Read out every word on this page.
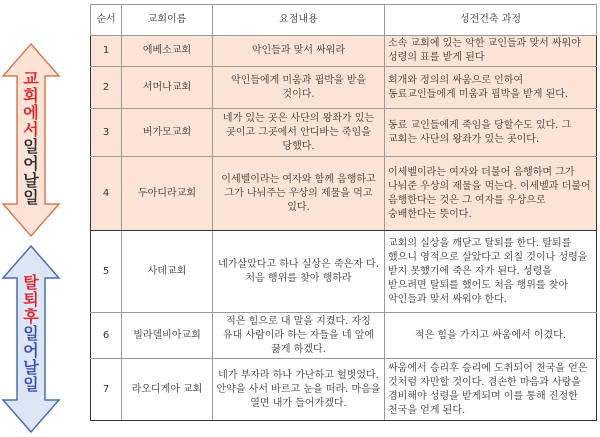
교
회
에
서
일
어
날
일
탈
퇴
후
일
어
날
일
순서	교회이름	요점내용	성전건축 과정
1	에베소교회	악인들과 맞서 싸워라	소속 교회에 있는 악한 교인들과 맞서 싸워야 성령의 표를 받게 된다
2	서머나교회	악인들에게 미움과 핍박을 받을 것이다.	회개와 정의의 싸움으로 인하여 동료교인들에게 미움과 핍박을 받게 된다.
3	버가모교회	네가 있는 곳은 사단의 왕좌가 있는 곳이고 그곳에서 안디바는 죽임을 당했다.	동료 교인들에게 죽임을 당할수도 있다. 그 교회는 사단의 왕좌가 있는 곳이다.
4	두아디라교회	이세벨이라는 여자와 함께 음행하고 그가 나눠주는 우상의 제물을 먹고 있다.	이세벨이라는 여자와 더불어 음행하며 그가 나눠준 우상의 제물을 먹는다. 이세벨과 더불어 음행한다는 것은 그 여자를 우상으로 숭배한다는 뜻이다.
5	사데교회	네가살았다고 하나 실상은 죽은자 다. 처음 행위를 찾아 행하라	교회의 실상을 깨닫고 탈퇴를 한다. 탈퇴를 했으니 영적으로 살았다고 외칠 것이나 성령을 받지 못했기에 죽은 자가 된다. 성령을 받으려면 탈퇴를 했어도 처음 행위를 찾아 악인들과 맞서 싸워야 한다.
6	빌라델비아교회	적은 힘으로 내 말을 지켰다. 자칭 유대 사람이라 하는 자들을 네 앞에 꿇게 하겠다.	적은 힘을 가지고 싸움에서 이겼다.
7	라오디게아 교회	네가 부자라 하나 가난하고 헐벗었다. 안약을 사서 바르고 눈을 떠라. 마음을 열면 내가 들어가겠다.	싸움에서 승리후 승리에 도취되어 천국을 얻은 것처럼 자만할 것이다. 겸손한 마음과 사랑을 겸비해야 성령을 받게되며 이를 통해 진정한 천국을 얻게 된다.
